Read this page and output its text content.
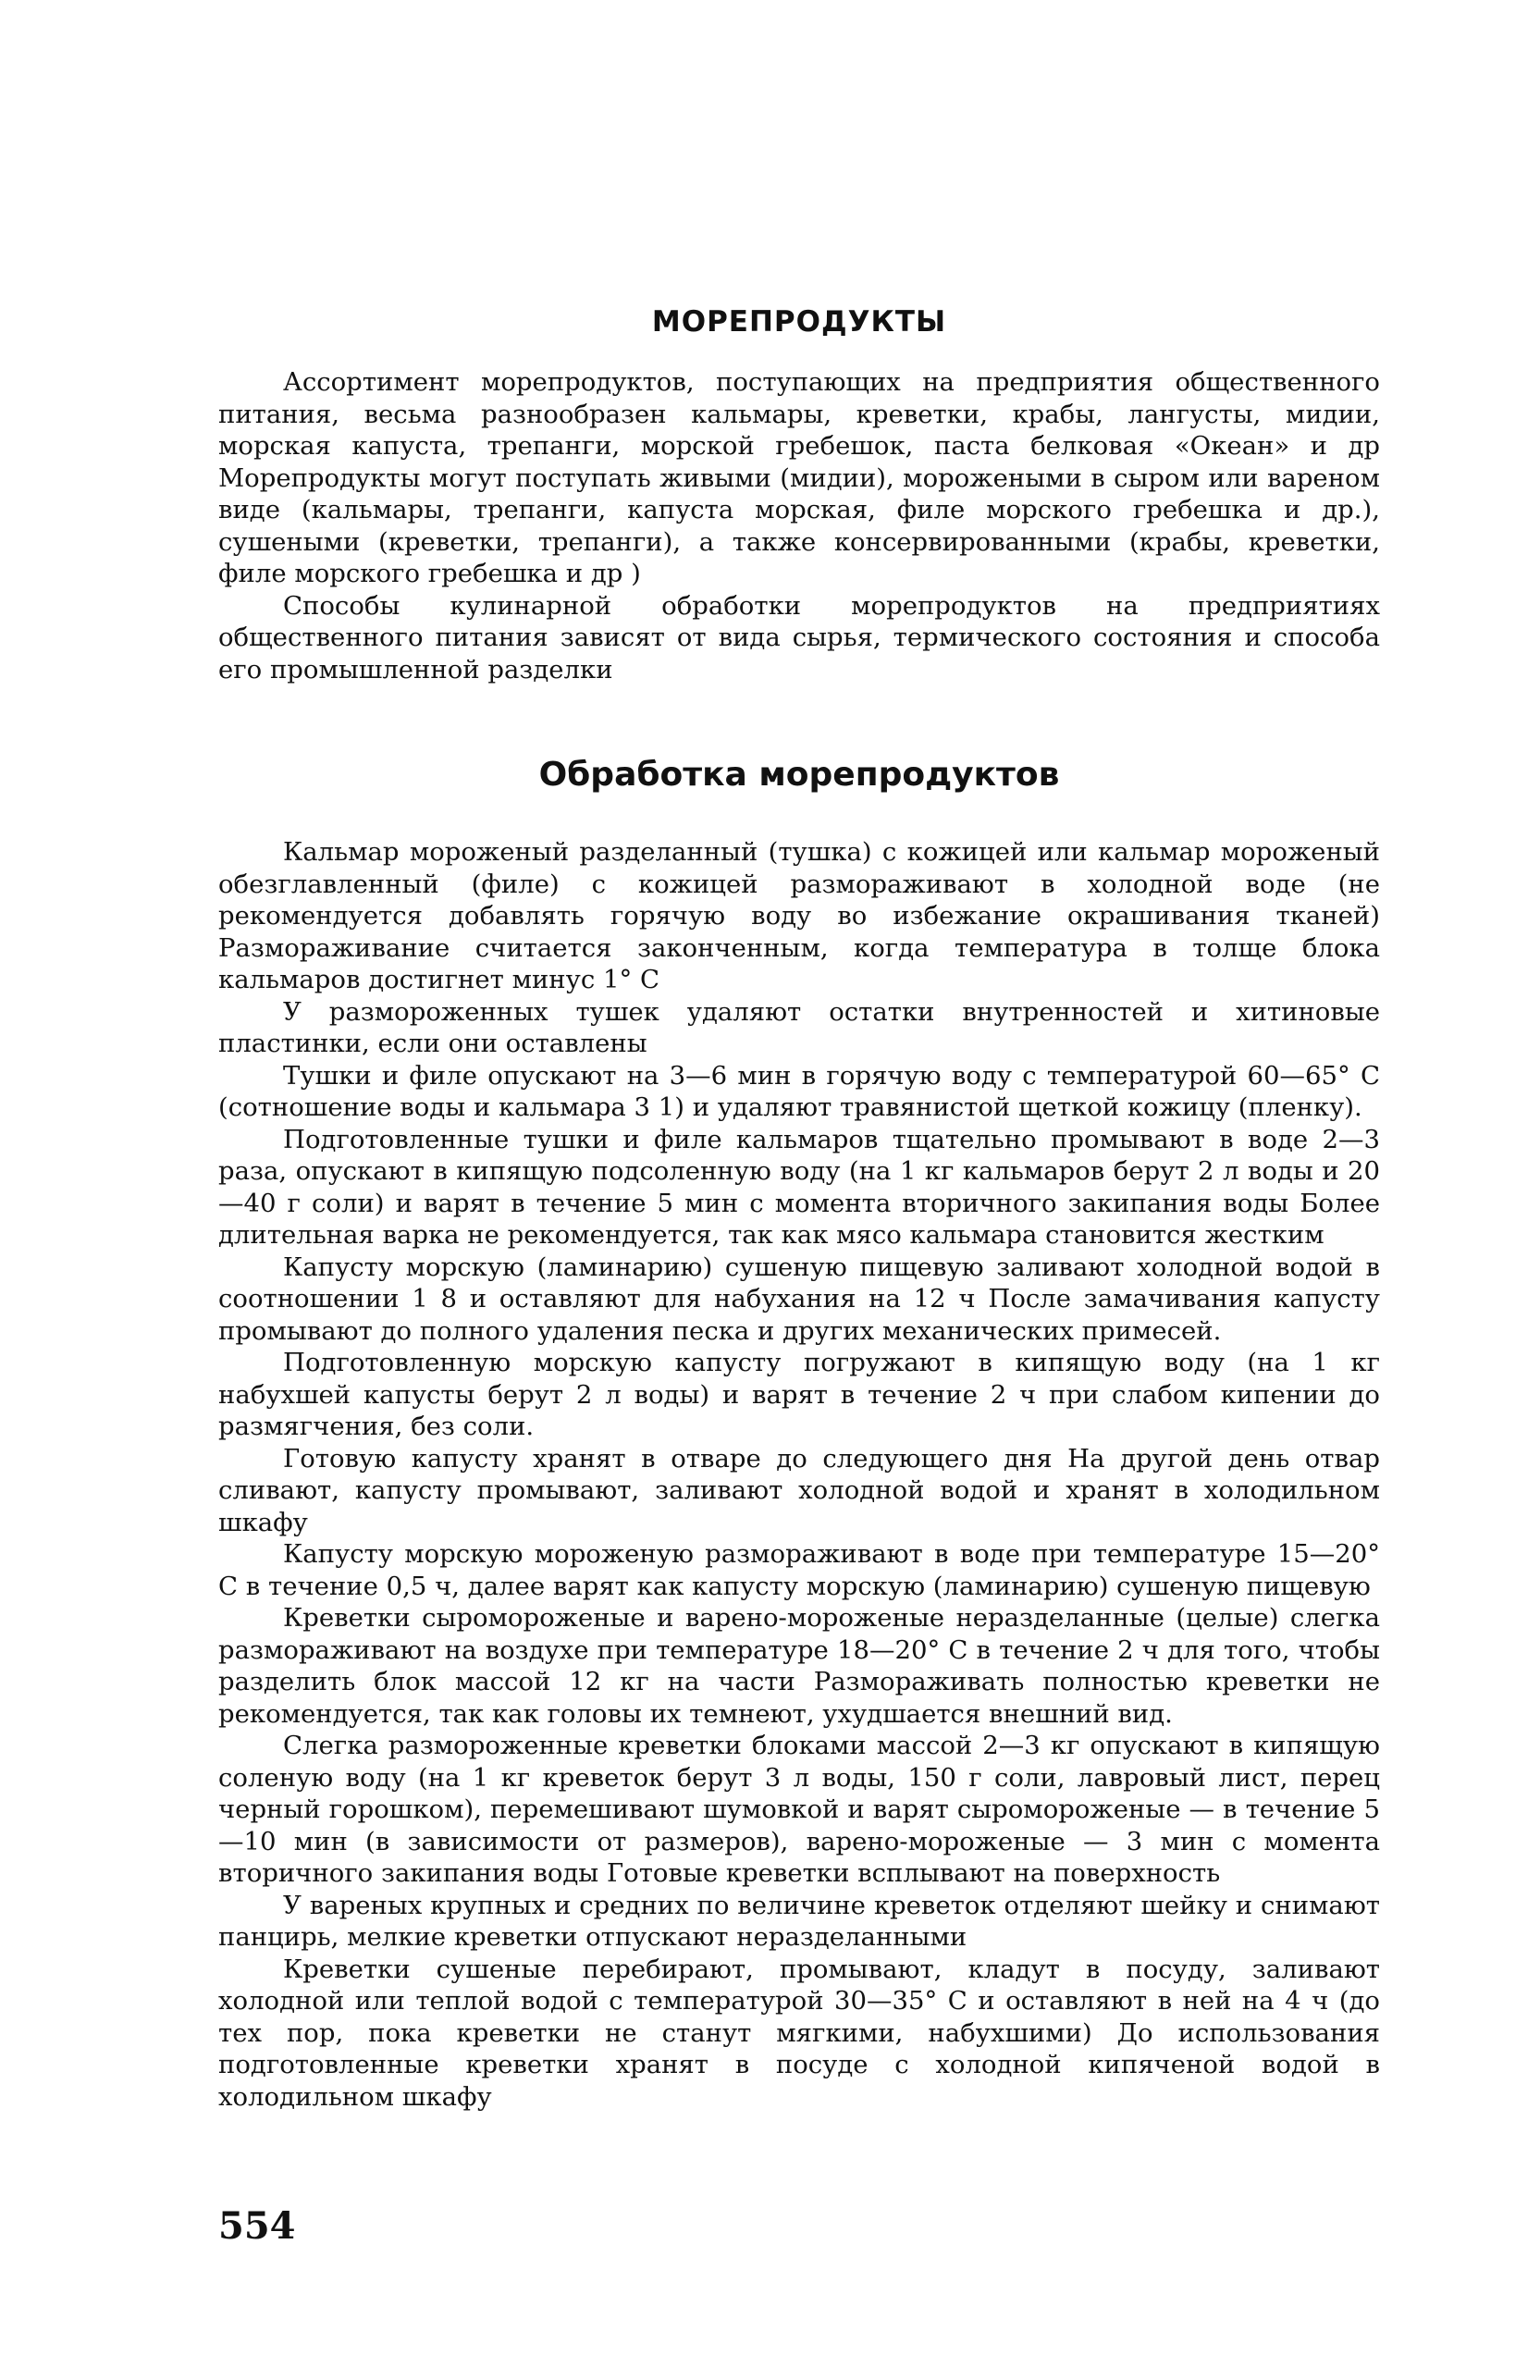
МОРЕПРОДУКТЫ

Ассортимент морепродуктов, поступающих на предприятия общественного питания, весьма разнообразен кальмары, креветки, крабы, лангусты, мидии, морская капуста, трепанги, морской гребешок, паста белковая «Океан» и др Морепродукты могут поступать живыми (мидии), морожеными в сыром или вареном виде (кальмары, трепанги, капуста морская, филе морского гребешка и др.), сушеными (креветки, трепанги), а также консервированными (крабы, креветки, филе морского гребешка и др )

Способы кулинарной обработки морепродуктов на предприятиях общественного питания зависят от вида сырья, термического состояния и способа его промышленной разделки

Обработка морепродуктов

Кальмар мороженый разделанный (тушка) с кожицей или кальмар мороженый обезглавленный (филе) с кожицей размораживают в холодной воде (не рекомендуется добавлять горячую воду во избежание окрашивания тканей) Размораживание считается законченным, когда температура в толще блока кальмаров достигнет минус 1° С

У размороженных тушек удаляют остатки внутренностей и хитиновые пластинки, если они оставлены

Тушки и филе опускают на 3—6 мин в горячую воду с температурой 60—65° С (сотношение воды и кальмара 3 1) и удаляют травянистой щеткой кожицу (пленку).

Подготовленные тушки и филе кальмаров тщательно промывают в воде 2—3 раза, опускают в кипящую подсоленную воду (на 1 кг кальмаров берут 2 л воды и 20—40 г соли) и варят в течение 5 мин с момента вторичного закипания воды Более длительная варка не рекомендуется, так как мясо кальмара становится жестким

Капусту морскую (ламинарию) сушеную пищевую заливают холодной водой в соотношении 1 8 и оставляют для набухания на 12 ч После замачивания капусту промывают до полного удаления песка и других механических примесей.

Подготовленную морскую капусту погружают в кипящую воду (на 1 кг набухшей капусты берут 2 л воды) и варят в течение 2 ч при слабом кипении до размягчения, без соли.

Готовую капусту хранят в отваре до следующего дня На другой день отвар сливают, капусту промывают, заливают холодной водой и хранят в холодильном шкафу

Капусту морскую мороженую размораживают в воде при температуре 15—20° С в течение 0,5 ч, далее варят как капусту морскую (ламинарию) сушеную пищевую

Креветки сыромороженые и варено-мороженые неразделанные (целые) слегка размораживают на воздухе при температуре 18—20° С в течение 2 ч для того, чтобы разделить блок массой 12 кг на части Размораживать полностью креветки не рекомендуется, так как головы их темнеют, ухудшается внешний вид.

Слегка размороженные креветки блоками массой 2—3 кг опускают в кипящую соленую воду (на 1 кг креветок берут 3 л воды, 150 г соли, лавровый лист, перец черный горошком), перемешивают шумовкой и варят сыромороженые — в течение 5—10 мин (в зависимости от размеров), варено-мороженые — 3 мин с момента вторичного закипания воды Готовые креветки всплывают на поверхность

У вареных крупных и средних по величине креветок отделяют шейку и снимают панцирь, мелкие креветки отпускают неразделанными

Креветки сушеные перебирают, промывают, кладут в посуду, заливают холодной или теплой водой с температурой 30—35° С и оставляют в ней на 4 ч (до тех пор, пока креветки не станут мягкими, набухшими) До использования подготовленные креветки хранят в посуде с холодной кипяченой водой в холодильном шкафу

554
